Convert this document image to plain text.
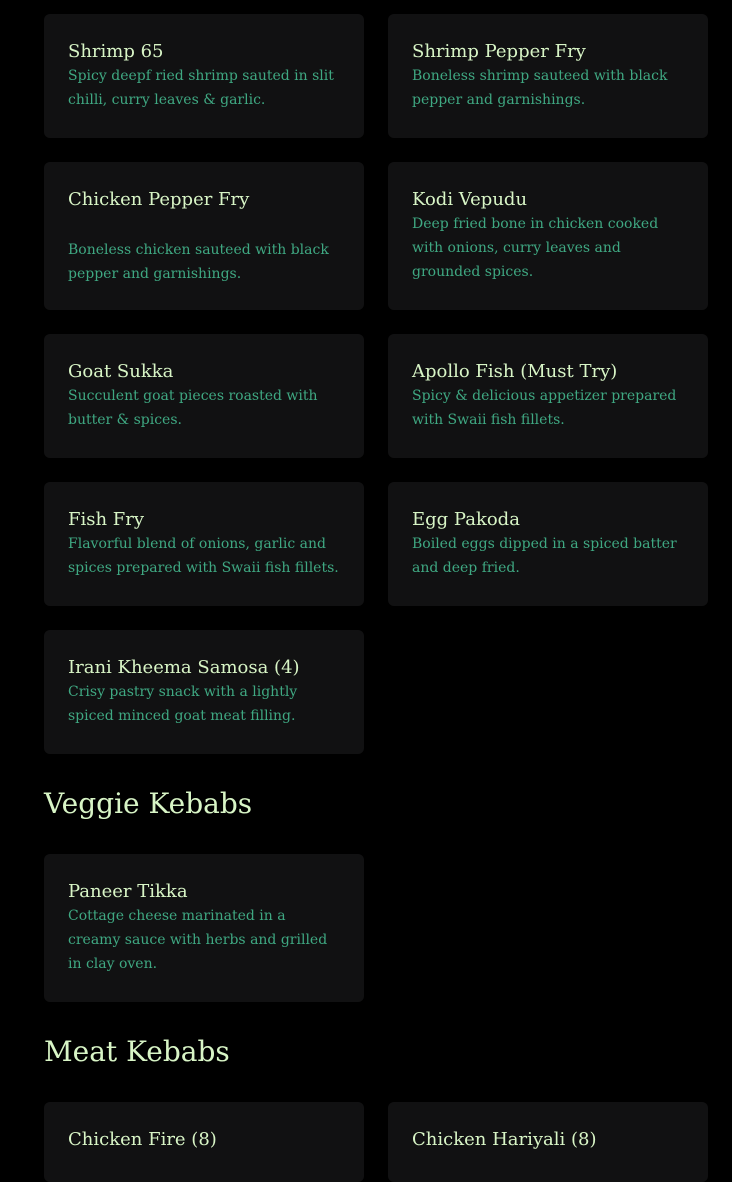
Shrimp 65
Spicy deepf ried shrimp sauted in slit chilli, curry leaves & garlic.
Shrimp Pepper Fry
Boneless shrimp sauteed with black pepper and garnishings.
Chicken Pepper Fry
Boneless chicken sauteed with black pepper and garnishings.
Kodi Vepudu
Deep fried bone in chicken cooked with onions, curry leaves and grounded spices.
Goat Sukka
Succulent goat pieces roasted with butter & spices.
Apollo Fish (Must Try)
Spicy & delicious appetizer prepared with Swaii fish fillets.
Fish Fry
Flavorful blend of onions, garlic and spices prepared with Swaii fish fillets.
Egg Pakoda
Boiled eggs dipped in a spiced batter and deep fried.
Irani Kheema Samosa (4)
Crisy pastry snack with a lightly spiced minced goat meat filling.
Veggie Kebabs
Paneer Tikka
Cottage cheese marinated in a creamy sauce with herbs and grilled in clay oven.
Meat Kebabs
Chicken Fire (8)	Chicken Hariyali (8)
